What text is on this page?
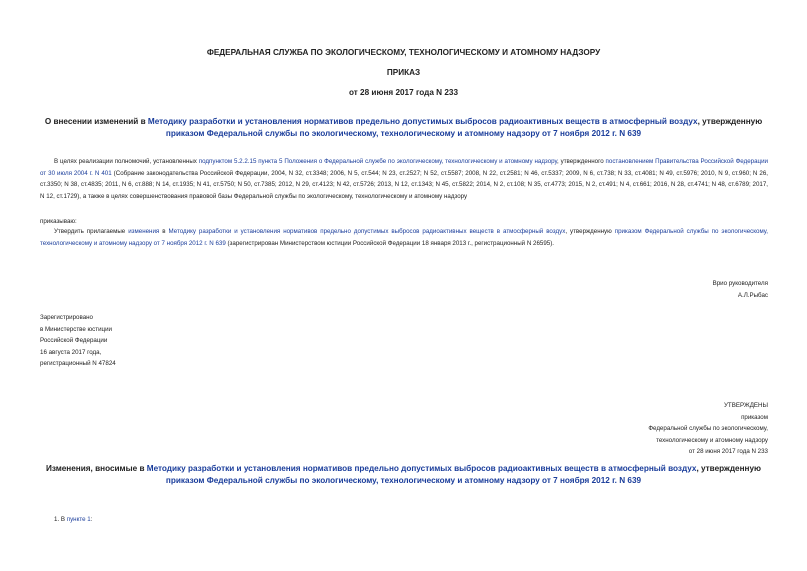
ФЕДЕРАЛЬНАЯ СЛУЖБА ПО ЭКОЛОГИЧЕСКОМУ, ТЕХНОЛОГИЧЕСКОМУ И АТОМНОМУ НАДЗОРУ
ПРИКАЗ
от 28 июня 2017 года N 233
О внесении изменений в Методику разработки и установления нормативов предельно допустимых выбросов радиоактивных веществ в атмосферный воздух, утвержденную приказом Федеральной службы по экологическому, технологическому и атомному надзору от 7 ноября 2012 г. N 639
В целях реализации полномочий, установленных подпунктом 5.2.2.15 пункта 5 Положения о Федеральной службе по экологическому, технологическому и атомному надзору, утвержденного постановлением Правительства Российской Федерации от 30 июля 2004 г. N 401 (Собрание законодательства Российской Федерации, 2004, N 32, ст.3348; 2006, N 5, ст.544; N 23, ст.2527; N 52, ст.5587; 2008, N 22, ст.2581; N 46, ст.5337; 2009, N 6, ст.738; N 33, ст.4081; N 49, ст.5976; 2010, N 9, ст.960; N 26, ст.3350; N 38, ст.4835; 2011, N 6, ст.888; N 14, ст.1935; N 41, ст.5750; N 50, ст.7385; 2012, N 29, ст.4123; N 42, ст.5726; 2013, N 12, ст.1343; N 45, ст.5822; 2014, N 2, ст.108; N 35, ст.4773; 2015, N 2, ст.491; N 4, ст.661; 2016, N 28, ст.4741; N 48, ст.6789; 2017, N 12, ст.1729), а также в целях совершенствования правовой базы Федеральной службы по экологическому, технологическому и атомному надзору
приказываю:
Утвердить прилагаемые изменения в Методику разработки и установления нормативов предельно допустимых выбросов радиоактивных веществ в атмосферный воздух, утвержденную приказом Федеральной службы по экологическому, технологическому и атомному надзору от 7 ноября 2012 г. N 639 (зарегистрирован Министерством юстиции Российской Федерации 18 января 2013 г., регистрационный N 26595).

Врио руководителя

А.Л.Рыбас

Зарегистрировано

в Министерстве юстиции

Российской Федерации

16 августа 2017 года,

регистрационный N 47824

УТВЕРЖДЕНЫ

приказом

Федеральной службы по экологическому,

технологическому и атомному надзору

от 28 июня 2017 года N 233

Изменения, вносимые в Методику разработки и установления нормативов предельно допустимых выбросов радиоактивных веществ в атмосферный воздух, утвержденную приказом Федеральной службы по экологическому, технологическому и атомному надзору от 7 ноября 2012 г. N 639
1. В пункте 1:
